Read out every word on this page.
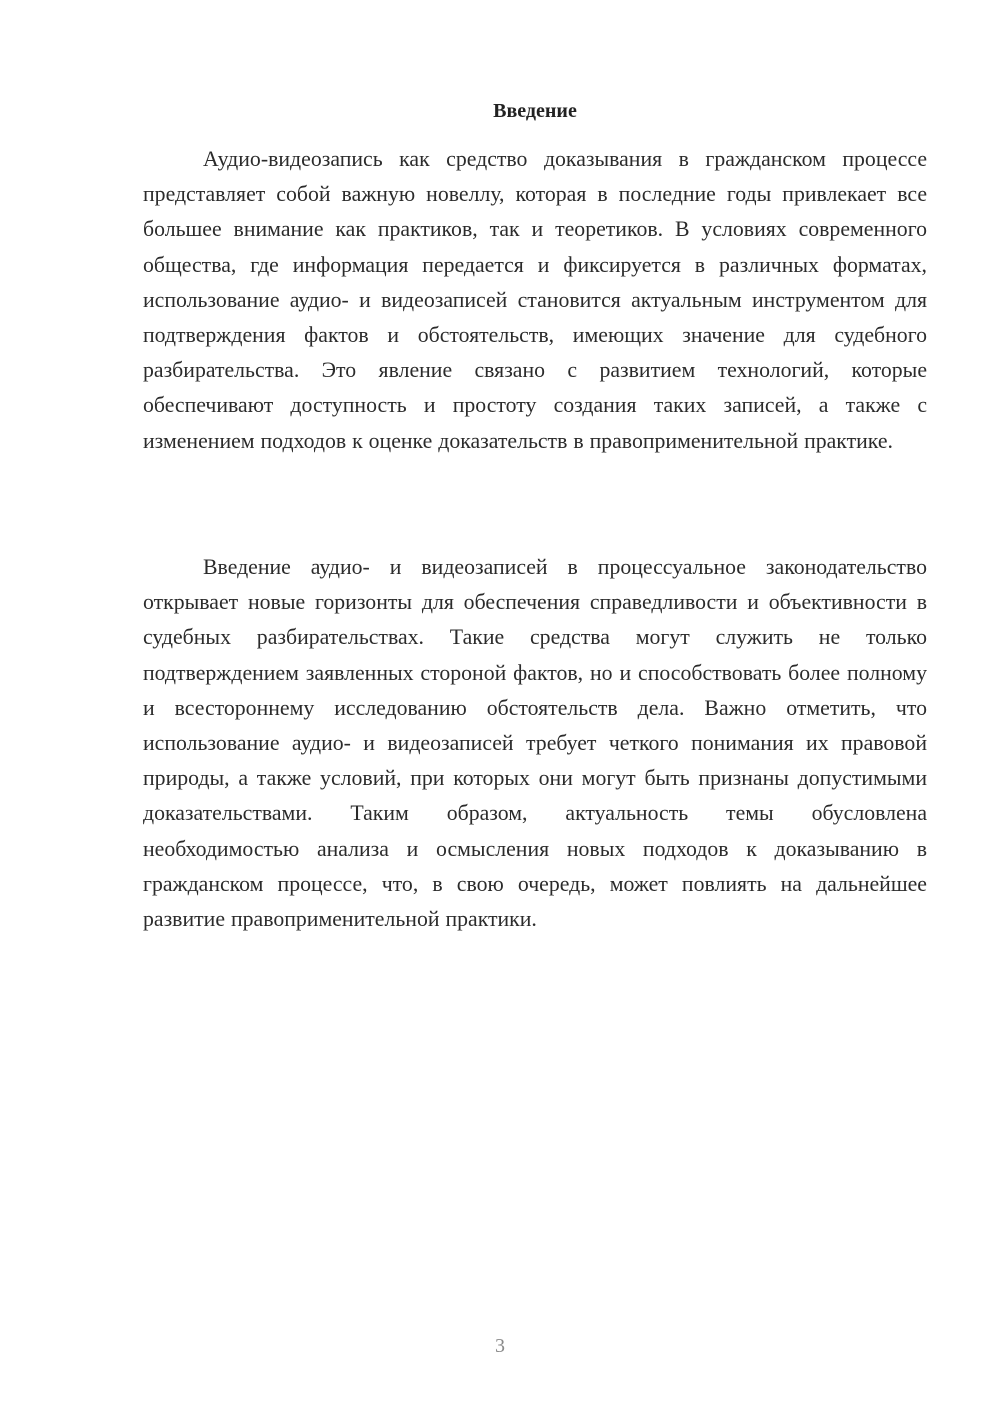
Введение

Аудио-видеозапись как средство доказывания в гражданском процессе представляет собой важную новеллу, которая в последние годы привлекает все большее внимание как практиков, так и теоретиков. В условиях современного общества, где информация передается и фиксируется в различных форматах, использование аудио- и видеозаписей становится актуальным инструментом для подтверждения фактов и обстоятельств, имеющих значение для судебного разбирательства. Это явление связано с развитием технологий, которые обеспечивают доступность и простоту создания таких записей, а также с изменением подходов к оценке доказательств в правоприменительной практике.

Введение аудио- и видеозаписей в процессуальное законодательство открывает новые горизонты для обеспечения справедливости и объективности в судебных разбирательствах. Такие средства могут служить не только подтверждением заявленных стороной фактов, но и способствовать более полному и всестороннему исследованию обстоятельств дела. Важно отметить, что использование аудио- и видеозаписей требует четкого понимания их правовой природы, а также условий, при которых они могут быть признаны допустимыми доказательствами. Таким образом, актуальность темы обусловлена необходимостью анализа и осмысления новых подходов к доказыванию в гражданском процессе, что, в свою очередь, может повлиять на дальнейшее развитие правоприменительной практики.

3
